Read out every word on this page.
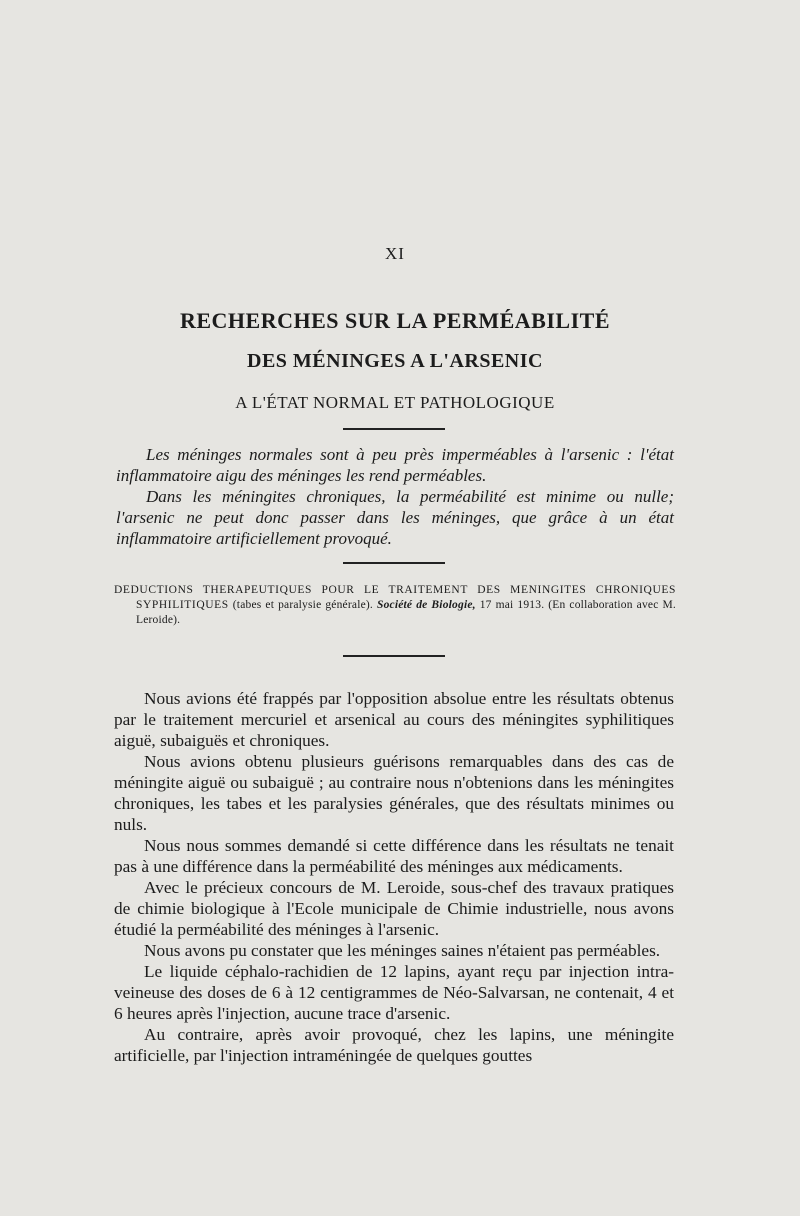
XI
RECHERCHES SUR LA PERMÉABILITÉ
DES MÉNINGES A L'ARSENIC
A L'ÉTAT NORMAL ET PATHOLOGIQUE

Les méninges normales sont à peu près imperméables à l'arsenic : l'état inflammatoire aigu des méninges les rend perméables.

Dans les méningites chroniques, la perméabilité est minime ou nulle; l'arsenic ne peut donc passer dans les méninges, que grâce à un état inflammatoire artificiellement provoqué.

DEDUCTIONS THERAPEUTIQUES POUR LE TRAITEMENT DES MENINGITES CHRONIQUES SYPHILITIQUES (tabes et paralysie générale). Société de Biologie, 17 mai 1913. (En collaboration avec M. Leroide).

Nous avions été frappés par l'opposition absolue entre les résultats obtenus par le traitement mercuriel et arsenical au cours des méningites syphilitiques aiguë, subaiguës et chroniques.

Nous avions obtenu plusieurs guérisons remarquables dans des cas de méningite aiguë ou subaiguë ; au contraire nous n'obtenions dans les méningites chroniques, les tabes et les paralysies générales, que des résultats minimes ou nuls.

Nous nous sommes demandé si cette différence dans les résultats ne tenait pas à une différence dans la perméabilité des méninges aux médicaments.

Avec le précieux concours de M. Leroide, sous-chef des travaux pratiques de chimie biologique à l'Ecole municipale de Chimie industrielle, nous avons étudié la perméabilité des méninges à l'arsenic.

Nous avons pu constater que les méninges saines n'étaient pas perméables.

Le liquide céphalo-rachidien de 12 lapins, ayant reçu par injection intra-veineuse des doses de 6 à 12 centigrammes de Néo-Salvarsan, ne contenait, 4 et 6 heures après l'injection, aucune trace d'arsenic.

Au contraire, après avoir provoqué, chez les lapins, une méningite artificielle, par l'injection intraméningée de quelques gouttes
